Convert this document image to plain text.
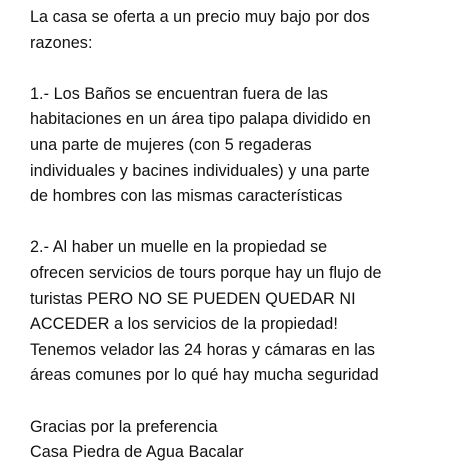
La casa se oferta a un precio muy bajo por dos
razones:
1.- Los Baños se encuentran fuera de las
habitaciones en un área tipo palapa dividido en
una parte de mujeres (con 5 regaderas
individuales y bacines individuales) y una parte
de hombres con las mismas características
2.- Al haber un muelle en la propiedad se
ofrecen servicios de tours porque hay un flujo de
turistas PERO NO SE PUEDEN QUEDAR NI
ACCEDER a los servicios de la propiedad!
Tenemos velador las 24 horas y cámaras en las
áreas comunes por lo qué hay mucha seguridad
Gracias por la preferencia
Casa Piedra de Agua Bacalar
